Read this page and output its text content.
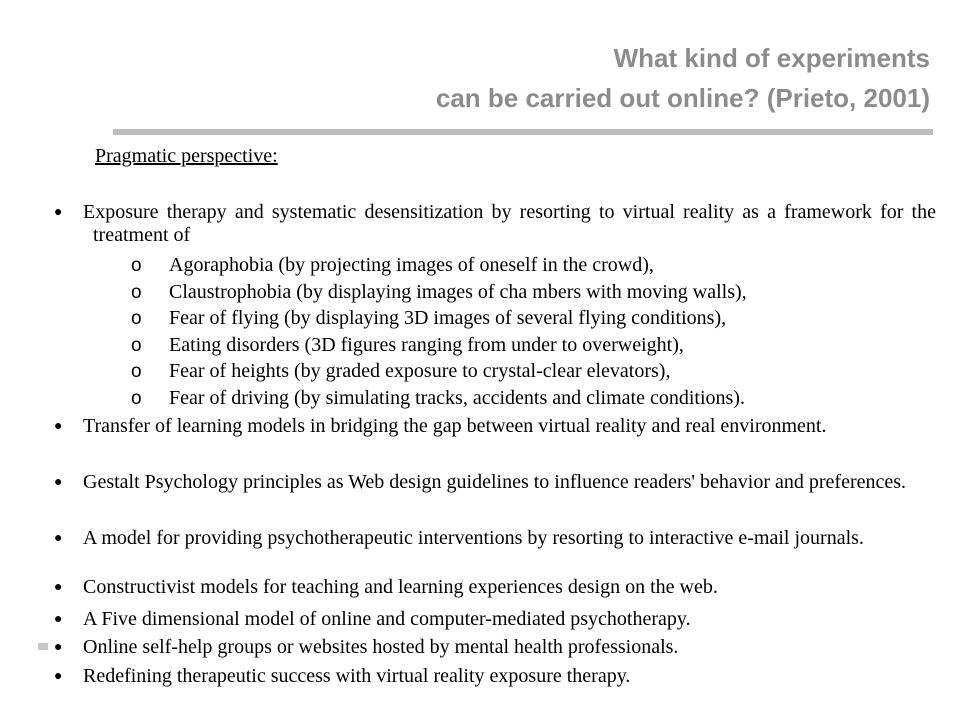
What kind of experiments
can be carried out online? (Prieto, 2001)
Pragmatic perspective:
●	Exposure therapy and systematic desensitization by resorting to virtual reality as a framework for the treatment of
o Agoraphobia (by projecting images of oneself in the crowd),
o Claustrophobia (by displaying images of cha mbers with moving walls),
o Fear of flying (by displaying 3D images of several flying conditions),
o Eating disorders (3D figures ranging from under to overweight),
o Fear of heights (by graded exposure to crystal-clear elevators),
o Fear of driving (by simulating tracks, accidents and climate conditions).
●	Transfer of learning models in bridging the gap between virtual reality and real environment.
●	Gestalt Psychology principles as Web design guidelines to influence readers' behavior and preferences.
●	A model for providing psychotherapeutic interventions by resorting to interactive e-mail journals.
●	Constructivist models for teaching and learning experiences design on the web.
●	A Five dimensional model of online and computer-mediated psychotherapy.
●	Online self-help groups or websites hosted by mental health professionals.
●	Redefining therapeutic success with virtual reality exposure therapy.
